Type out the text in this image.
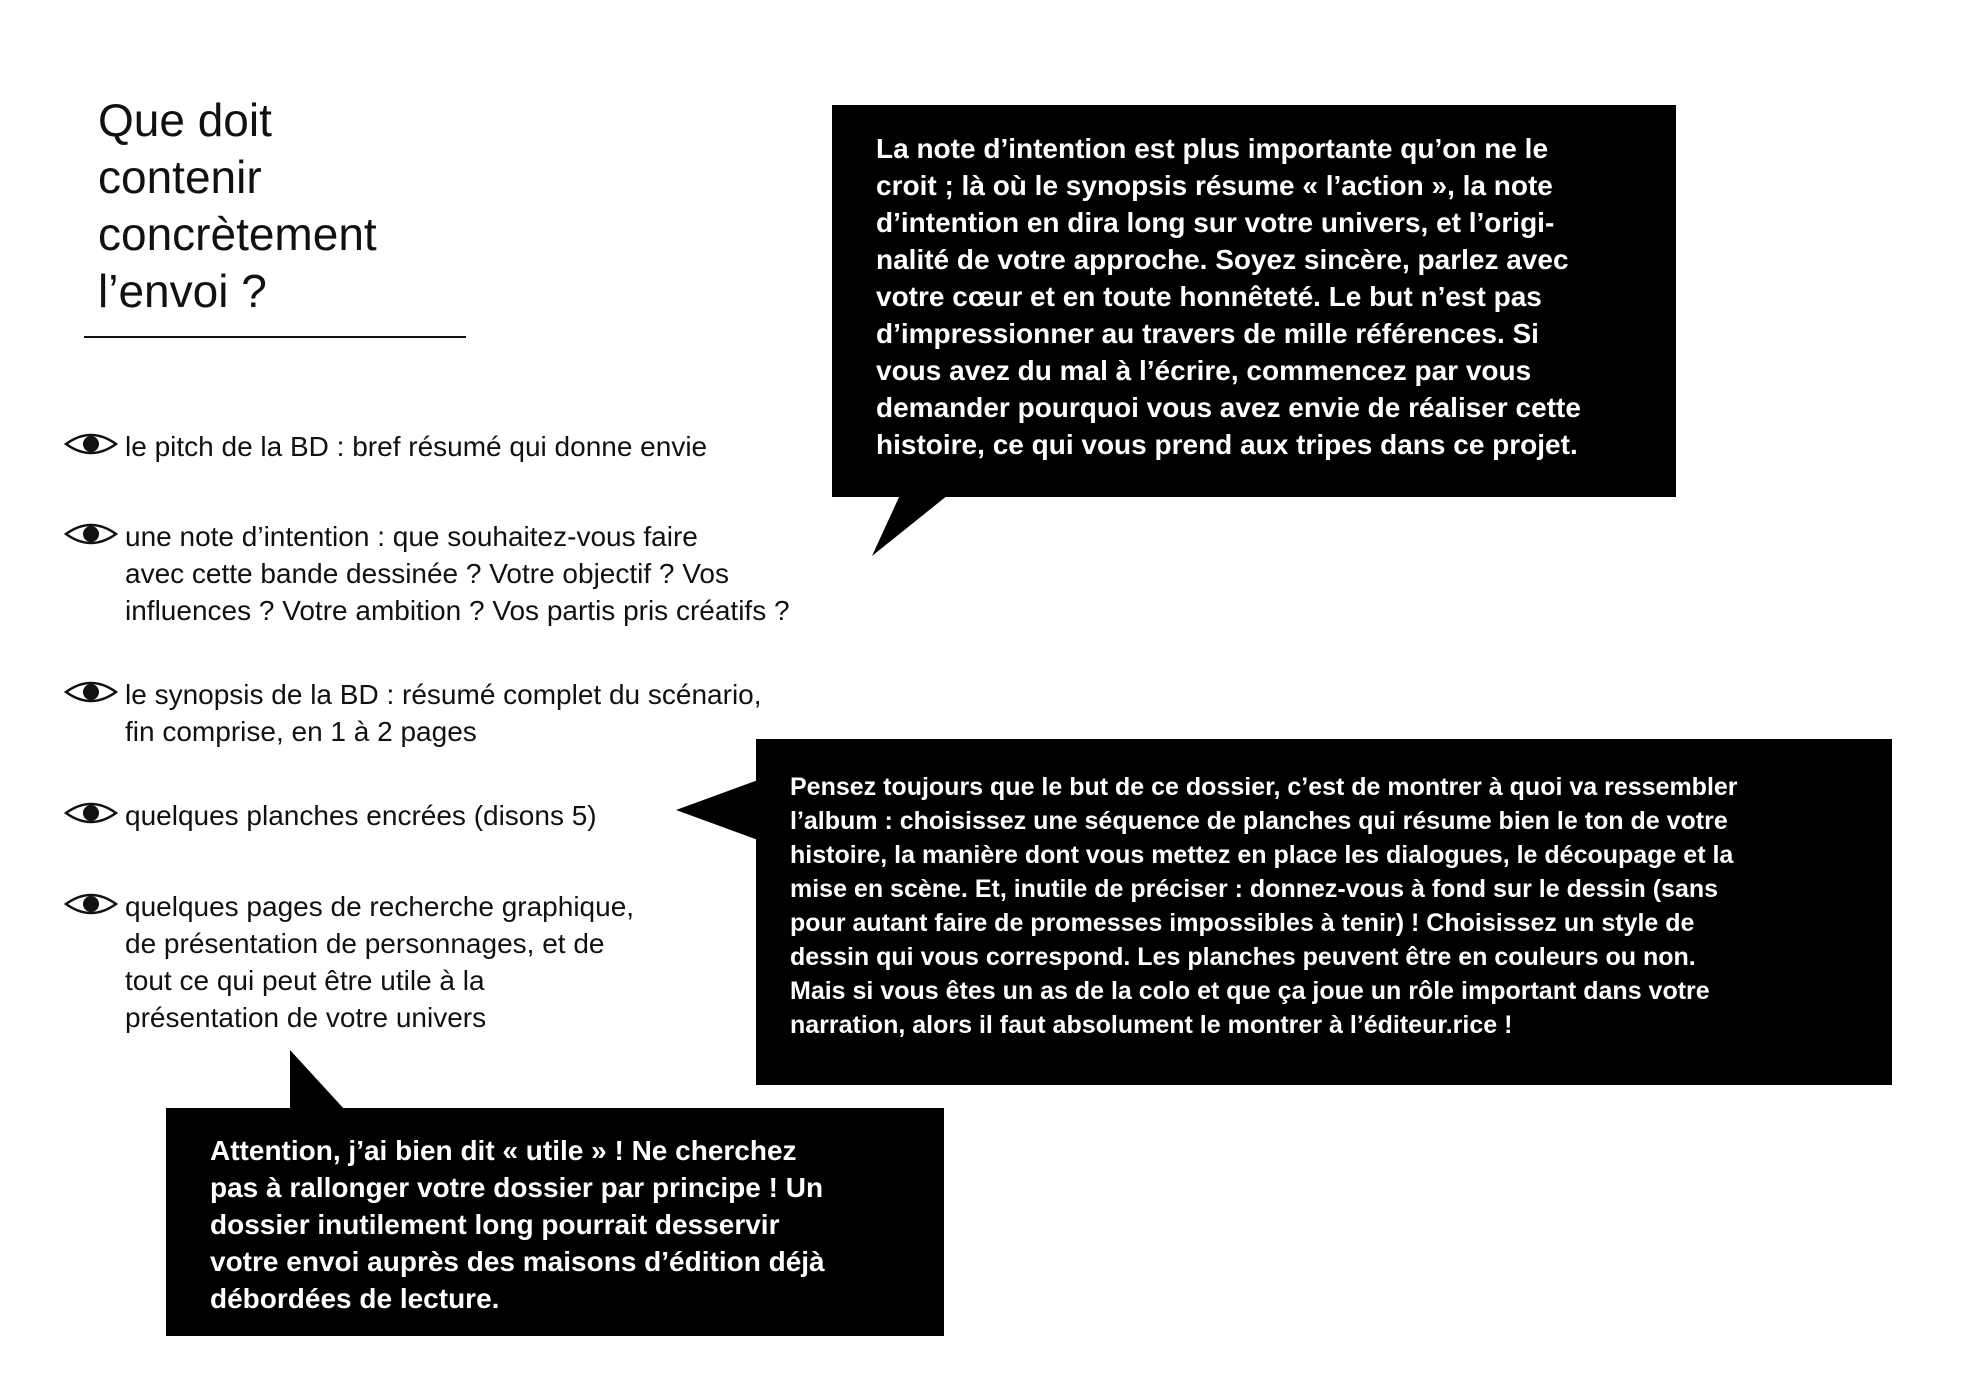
Que doit
contenir
concrètement
l’envoi ?
le pitch de la BD : bref résumé qui donne envie
une note d’intention : que souhaitez-vous faire
avec cette bande dessinée ? Votre objectif ? Vos
influences ? Votre ambition ? Vos partis pris créatifs ?
le synopsis de la BD : résumé complet du scénario,
fin comprise, en 1 à 2 pages
quelques planches encrées (disons 5)
quelques pages de recherche graphique,
de présentation de personnages, et de
tout ce qui peut être utile à la
présentation de votre univers
La note d’intention est plus importante qu’on ne le
croit ; là où le synopsis résume « l’action », la note
d’intention en dira long sur votre univers, et l’origi-
nalité de votre approche. Soyez sincère, parlez avec
votre cœur et en toute honnêteté. Le but n’est pas
d’impressionner au travers de mille références. Si
vous avez du mal à l’écrire, commencez par vous
demander pourquoi vous avez envie de réaliser cette
histoire, ce qui vous prend aux tripes dans ce projet.
Pensez toujours que le but de ce dossier, c’est de montrer à quoi va ressembler
l’album : choisissez une séquence de planches qui résume bien le ton de votre
histoire, la manière dont vous mettez en place les dialogues, le découpage et la
mise en scène. Et, inutile de préciser : donnez-vous à fond sur le dessin (sans
pour autant faire de promesses impossibles à tenir) ! Choisissez un style de
dessin qui vous correspond. Les planches peuvent être en couleurs ou non.
Mais si vous êtes un as de la colo et que ça joue un rôle important dans votre
narration, alors il faut absolument le montrer à l’éditeur.rice !
Attention, j’ai bien dit « utile » ! Ne cherchez
pas à rallonger votre dossier par principe ! Un
dossier inutilement long pourrait desservir
votre envoi auprès des maisons d’édition déjà
débordées de lecture.
